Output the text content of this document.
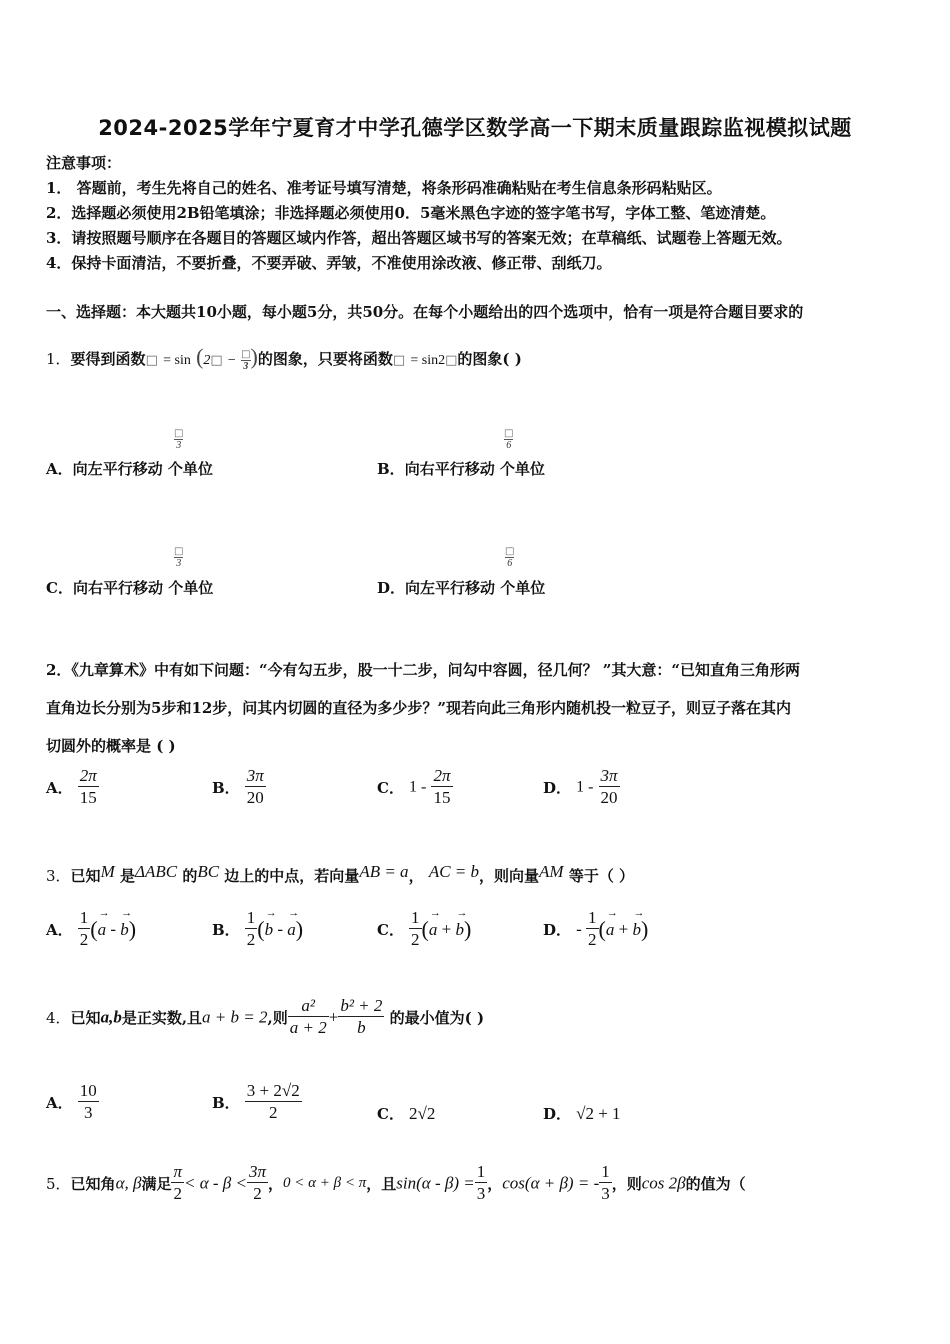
2024-2025学年宁夏育才中学孔德学区数学高一下期末质量跟踪监视模拟试题
注意事项：
1． 答题前，考生先将自己的姓名、准考证号填写清楚，将条形码准确粘贴在考生信息条形码粘贴区。
2．选择题必须使用2B铅笔填涂；非选择题必须使用0．5毫米黑色字迹的签字笔书写，字体工整、笔迹清楚。
3．请按照题号顺序在各题目的答题区域内作答，超出答题区域书写的答案无效；在草稿纸、试题卷上答题无效。
4．保持卡面清洁，不要折叠，不要弄破、弄皱，不准使用涂改液、修正带、刮纸刀。
一、选择题：本大题共10小题，每小题5分，共50分。在每个小题给出的四个选项中，恰有一项是符合题目要求的
1．要得到函数□ = sin (2□ − □
3 )的图象，只要将函数□ = sin2□的图象( )
□
3
A．向左平行移动 个单位
□
6
B．向右平行移动 个单位
□
3
C．向右平行移动 个单位
□
6
D．向左平行移动 个单位
2．《九章算术》中有如下问题：“今有勾五步，股一十二步，问勾中容圆，径几何？ ”其大意：“已知直角三角形两
直角边长分别为5步和12步，问其内切圆的直径为多少步？”现若向此三角形内随机投一粒豆子，则豆子落在其内
切圆外的概率是 ( )
A． $\frac{2\pi}{15}$	B． $\frac{3\pi}{20}$	C． $1 - \frac{2\pi}{15}$	D． $1 - \frac{3\pi}{20}$
3．已知M 是ΔABC 的BC 边上的中点，若向量AB = a， AC = b，则向量AM 等于（ ）
A． $\frac{1}{2}$ (→ a - → b)	B． $\frac{1}{2}$ (→ b - → a)	C． $\frac{1}{2}$ (→ a + → b)	D． - $\frac{1}{2}$ (→ a + → b)
4．已知a,b是正实数,且a + b = 2,则 $\frac{\text{a²}}{a + 2} + \frac{\text{b² + 2}}{b}$ 的最小值为( )
A． $\frac{10}{3}$	B． $\frac{3 + 2√2}{2}$	C． 2√2	D． √2 + 1
5．已知角α, β满足 $\frac{\pi}{2} < \alpha - \beta < \frac{3\pi}{2}$ ，0 < α + β < π，且$\sin(\alpha - \beta) = \frac{1}{3}$ ，cos(α + β) = - $\frac{1}{3}$ ，则cos 2β的值为（
